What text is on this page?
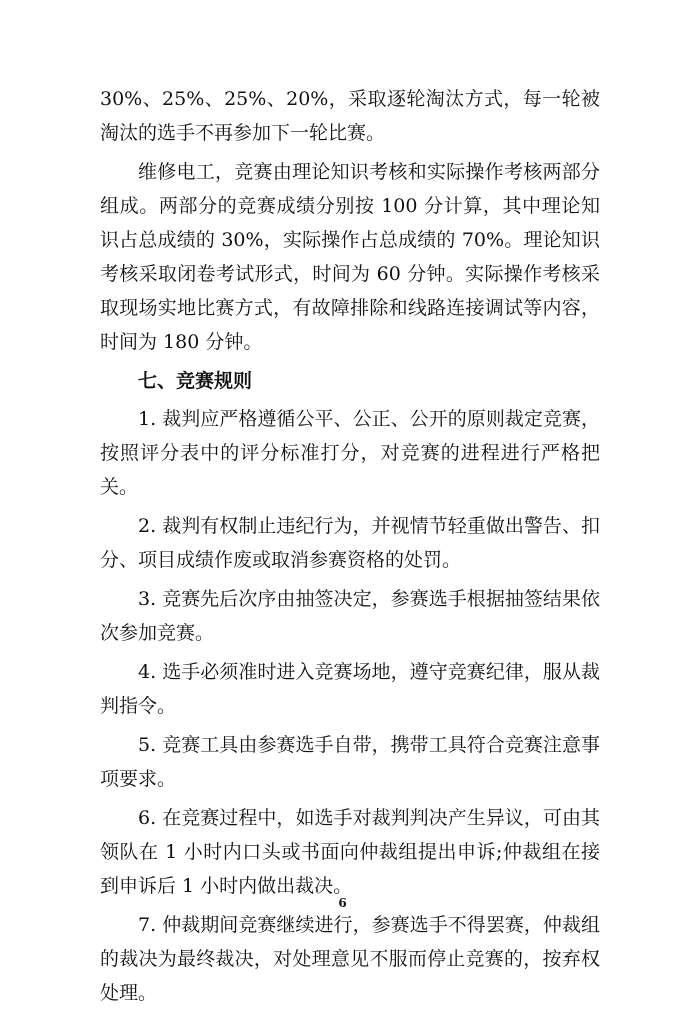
30%、25%、25%、20%，采取逐轮淘汰方式，每一轮被淘汰的选手不再参加下一轮比赛。

维修电工，竞赛由理论知识考核和实际操作考核两部分组成。两部分的竞赛成绩分别按 100 分计算，其中理论知识占总成绩的 30%，实际操作占总成绩的 70%。理论知识考核采取闭卷考试形式，时间为 60 分钟。实际操作考核采取现场实地比赛方式，有故障排除和线路连接调试等内容，时间为 180 分钟。

七、竞赛规则

1. 裁判应严格遵循公平、公正、公开的原则裁定竞赛，按照评分表中的评分标准打分，对竞赛的进程进行严格把关。

2. 裁判有权制止违纪行为，并视情节轻重做出警告、扣分、项目成绩作废或取消参赛资格的处罚。

3. 竞赛先后次序由抽签决定，参赛选手根据抽签结果依次参加竞赛。

4. 选手必须准时进入竞赛场地，遵守竞赛纪律，服从裁判指令。

5. 竞赛工具由参赛选手自带，携带工具符合竞赛注意事项要求。

6. 在竞赛过程中，如选手对裁判判决产生异议，可由其领队在 1 小时内口头或书面向仲裁组提出申诉;仲裁组在接到申诉后 1 小时内做出裁决。

7. 仲裁期间竞赛继续进行，参赛选手不得罢赛，仲裁组的裁决为最终裁决，对处理意见不服而停止竞赛的，按弃权处理。

6
